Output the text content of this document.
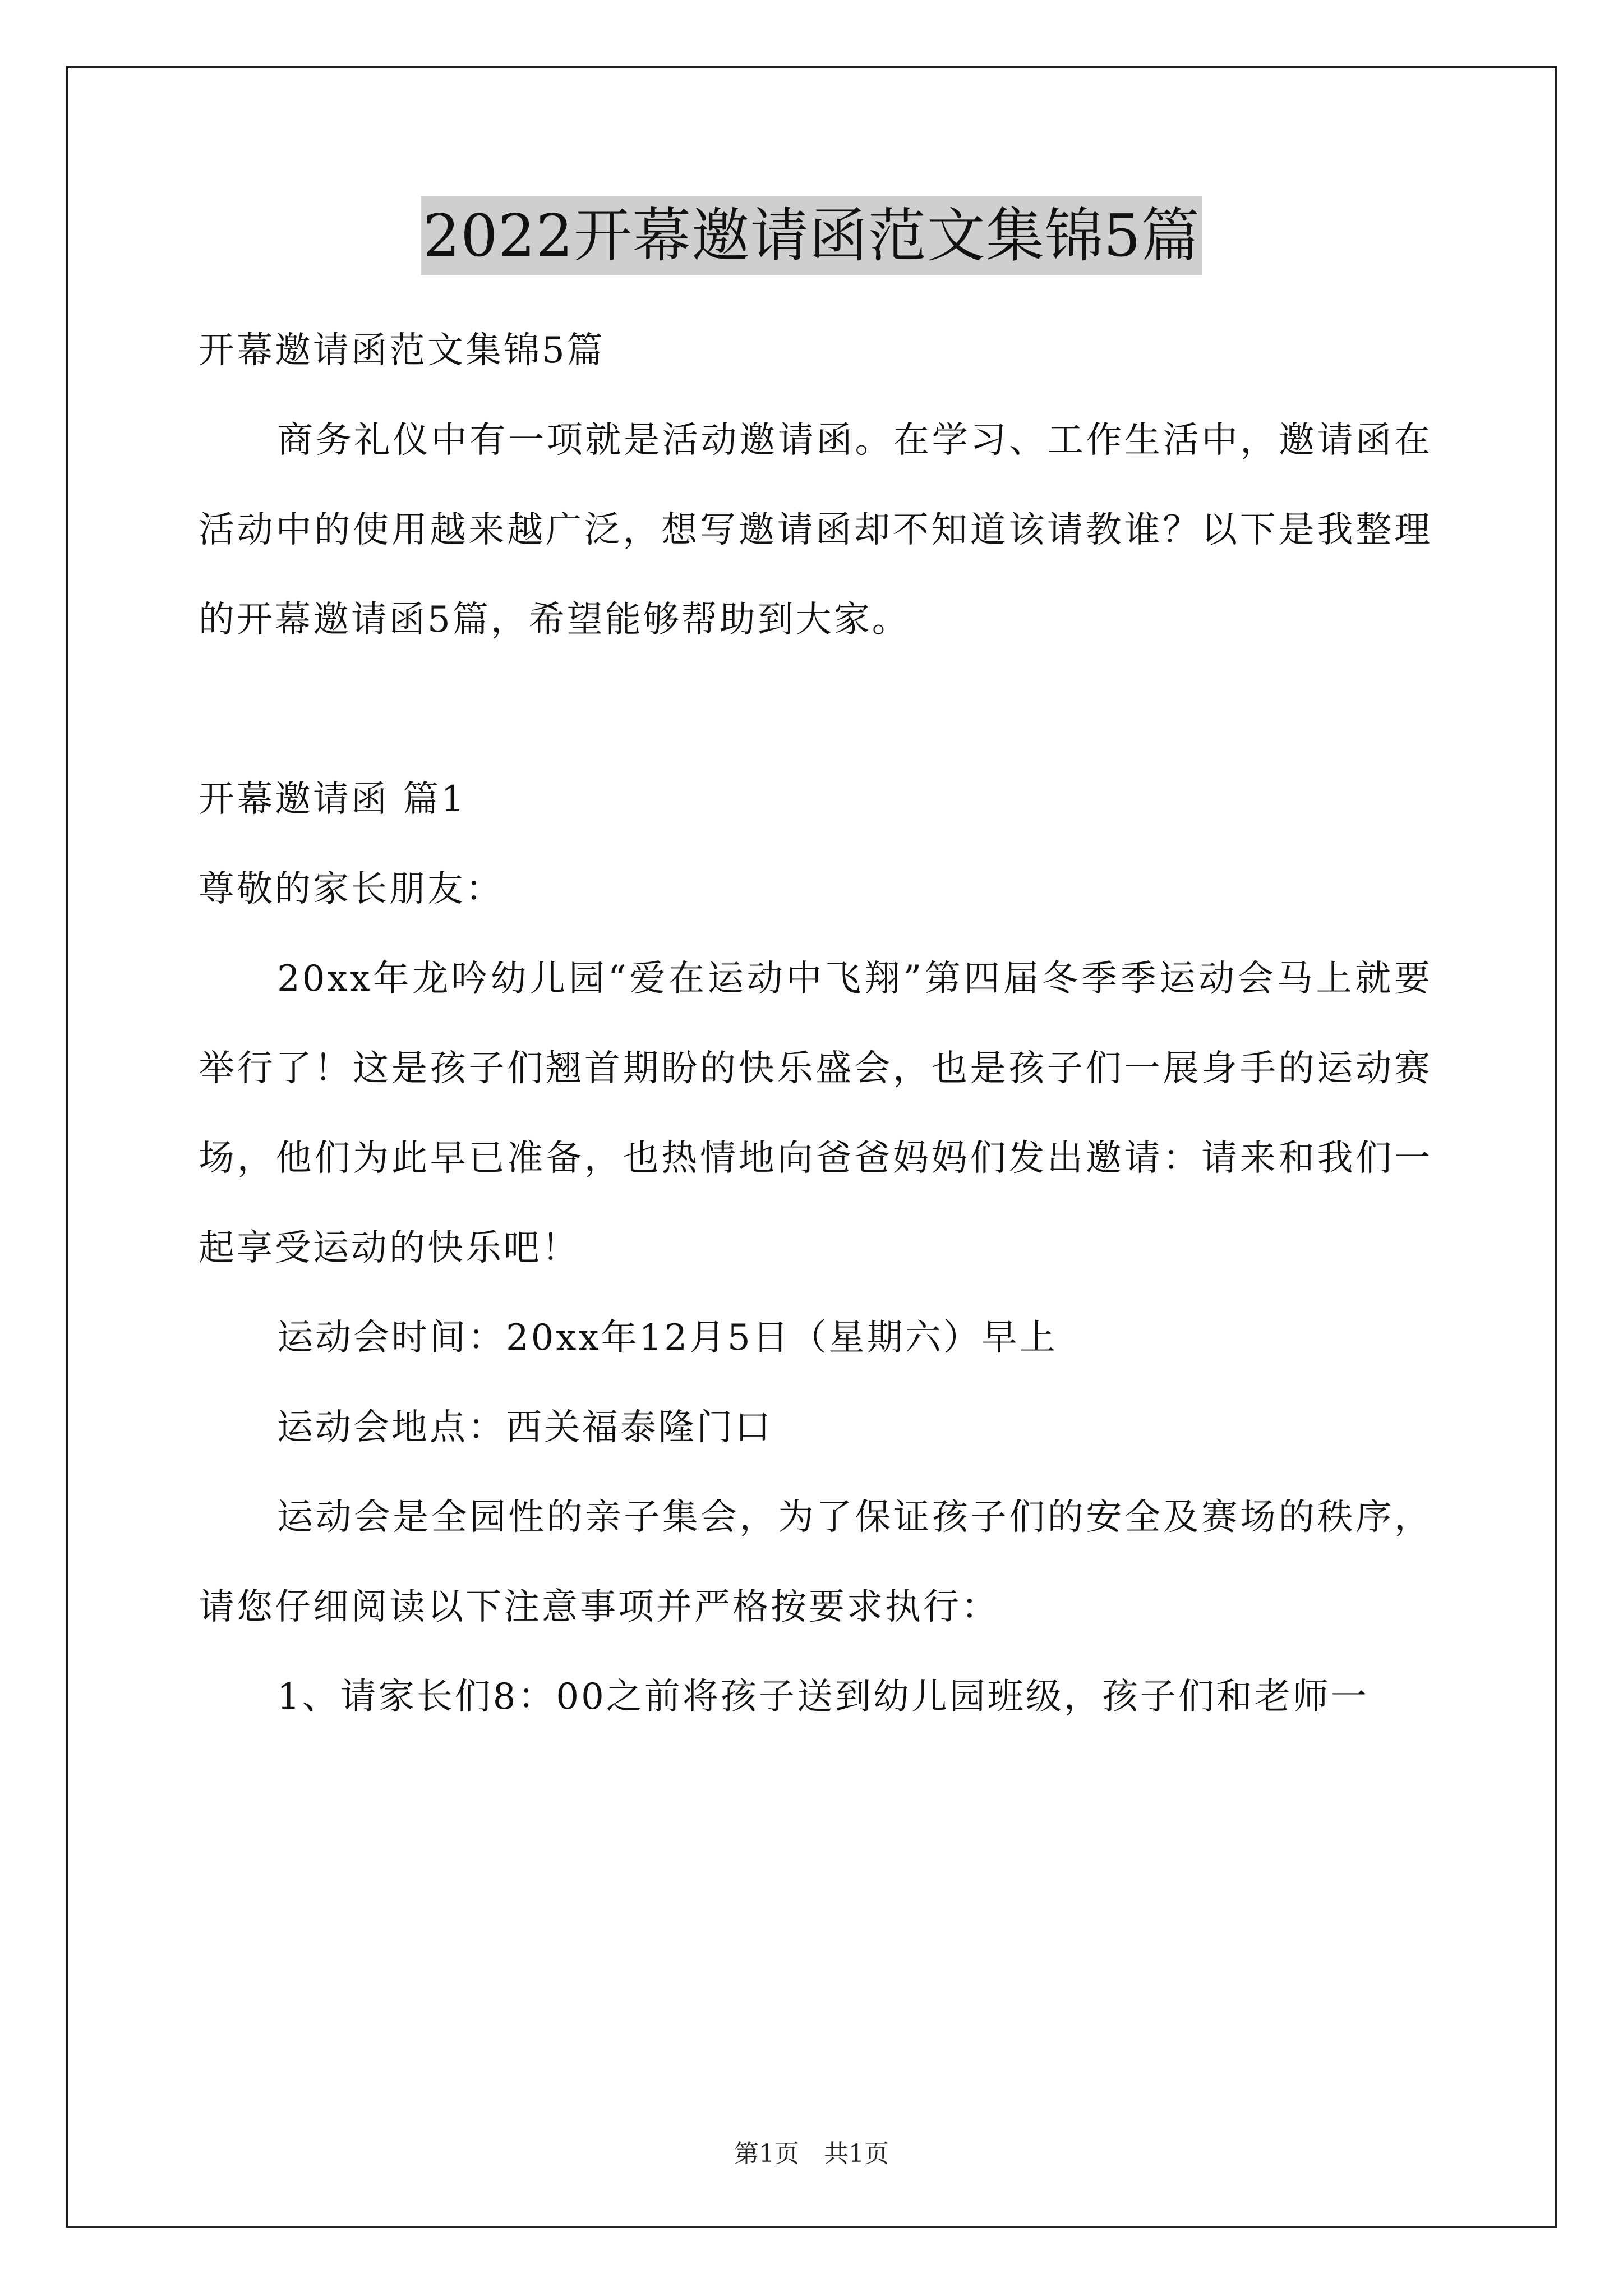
2022开幕邀请函范文集锦5篇

开幕邀请函范文集锦5篇

商务礼仪中有一项就是活动邀请函。在学习、工作生活中，邀请函在活动中的使用越来越广泛，想写邀请函却不知道该请教谁？以下是我整理的开幕邀请函5篇，希望能够帮助到大家。

开幕邀请函 篇1

尊敬的家长朋友：

20xx年龙吟幼儿园“爱在运动中飞翔”第四届冬季季运动会马上就要举行了！这是孩子们翘首期盼的快乐盛会，也是孩子们一展身手的运动赛场，他们为此早已准备，也热情地向爸爸妈妈们发出邀请：请来和我们一起享受运动的快乐吧！

运动会时间：20xx年12月5日（星期六）早上

运动会地点：西关福泰隆门口

运动会是全园性的亲子集会，为了保证孩子们的安全及赛场的秩序，请您仔细阅读以下注意事项并严格按要求执行：

1、请家长们8：00之前将孩子送到幼儿园班级，孩子们和老师一

第1页　共1页
